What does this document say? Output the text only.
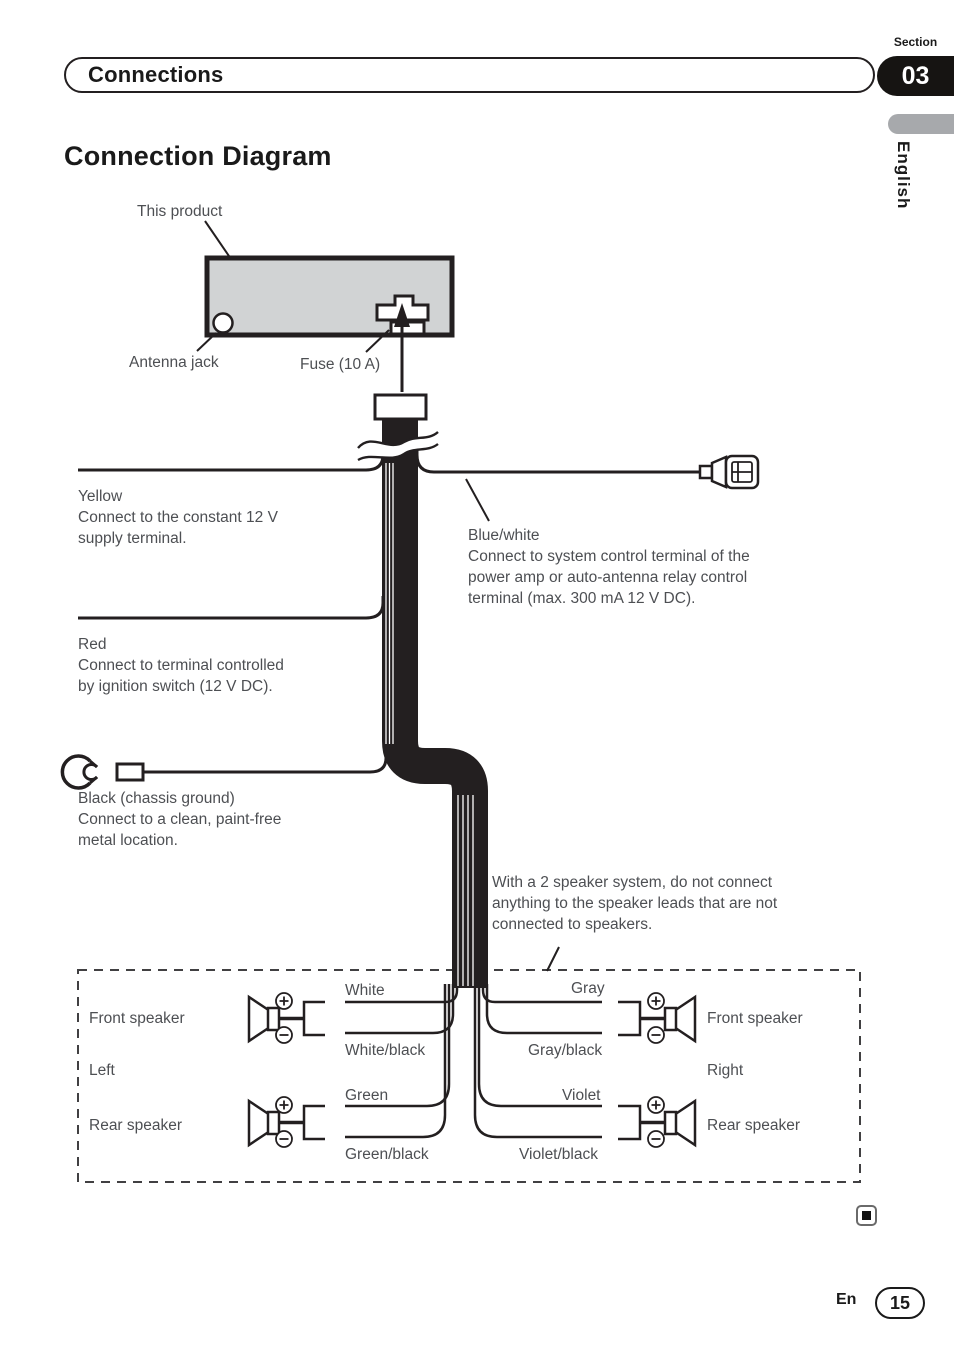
Connections
Section
03
English
Connection Diagram
This product
Antenna jack	Fuse (10 A)
Yellow
Connect to the constant 12 V
supply terminal.	Blue/white
Connect to system control terminal of the
power amp or auto-antenna relay control
terminal (max. 300 mA 12 V DC).
Red
Connect to terminal controlled
by ignition switch (12 V DC).
Black (chassis ground)
Connect to a clean, paint-free
metal location.
With a 2 speaker system, do not connect
anything to the speaker leads that are not
connected to speakers.
Front speaker
Left
Rear speaker
White
White/black
Green
Green/black
Gray
Gray/black
Violet
Violet/black
Front speaker
Right
Rear speaker
En 15
